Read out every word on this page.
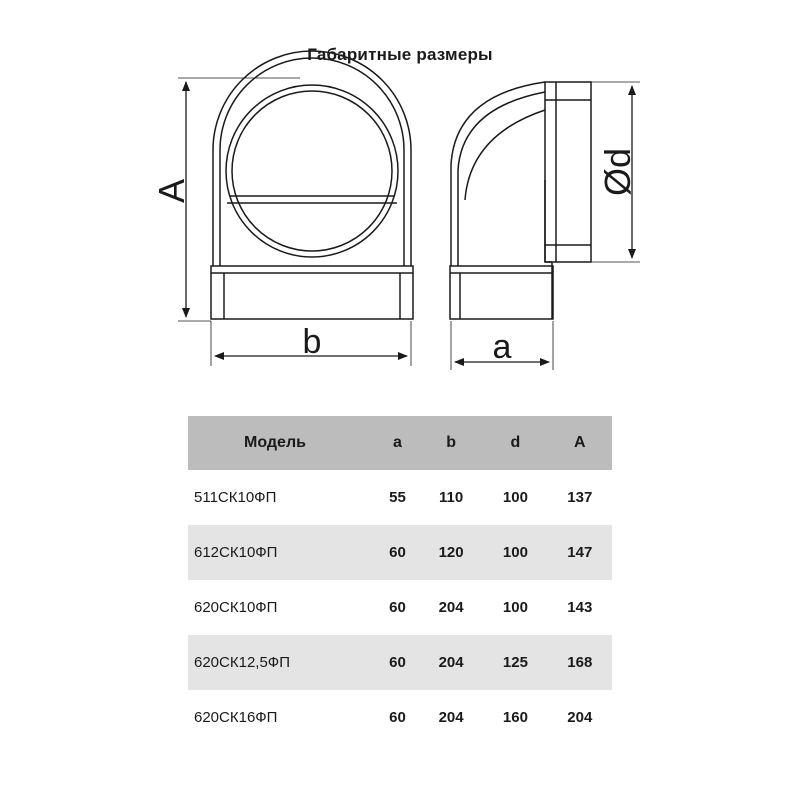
Габаритные размеры
A
b	a
Ød
Модель	a	b	d	A
511СК10ФП	55	110	100	137
612СК10ФП	60	120	100	147
620СК10ФП	60	204	100	143
620СК12,5ФП	60	204	125	168
620СК16ФП	60	204	160	204
